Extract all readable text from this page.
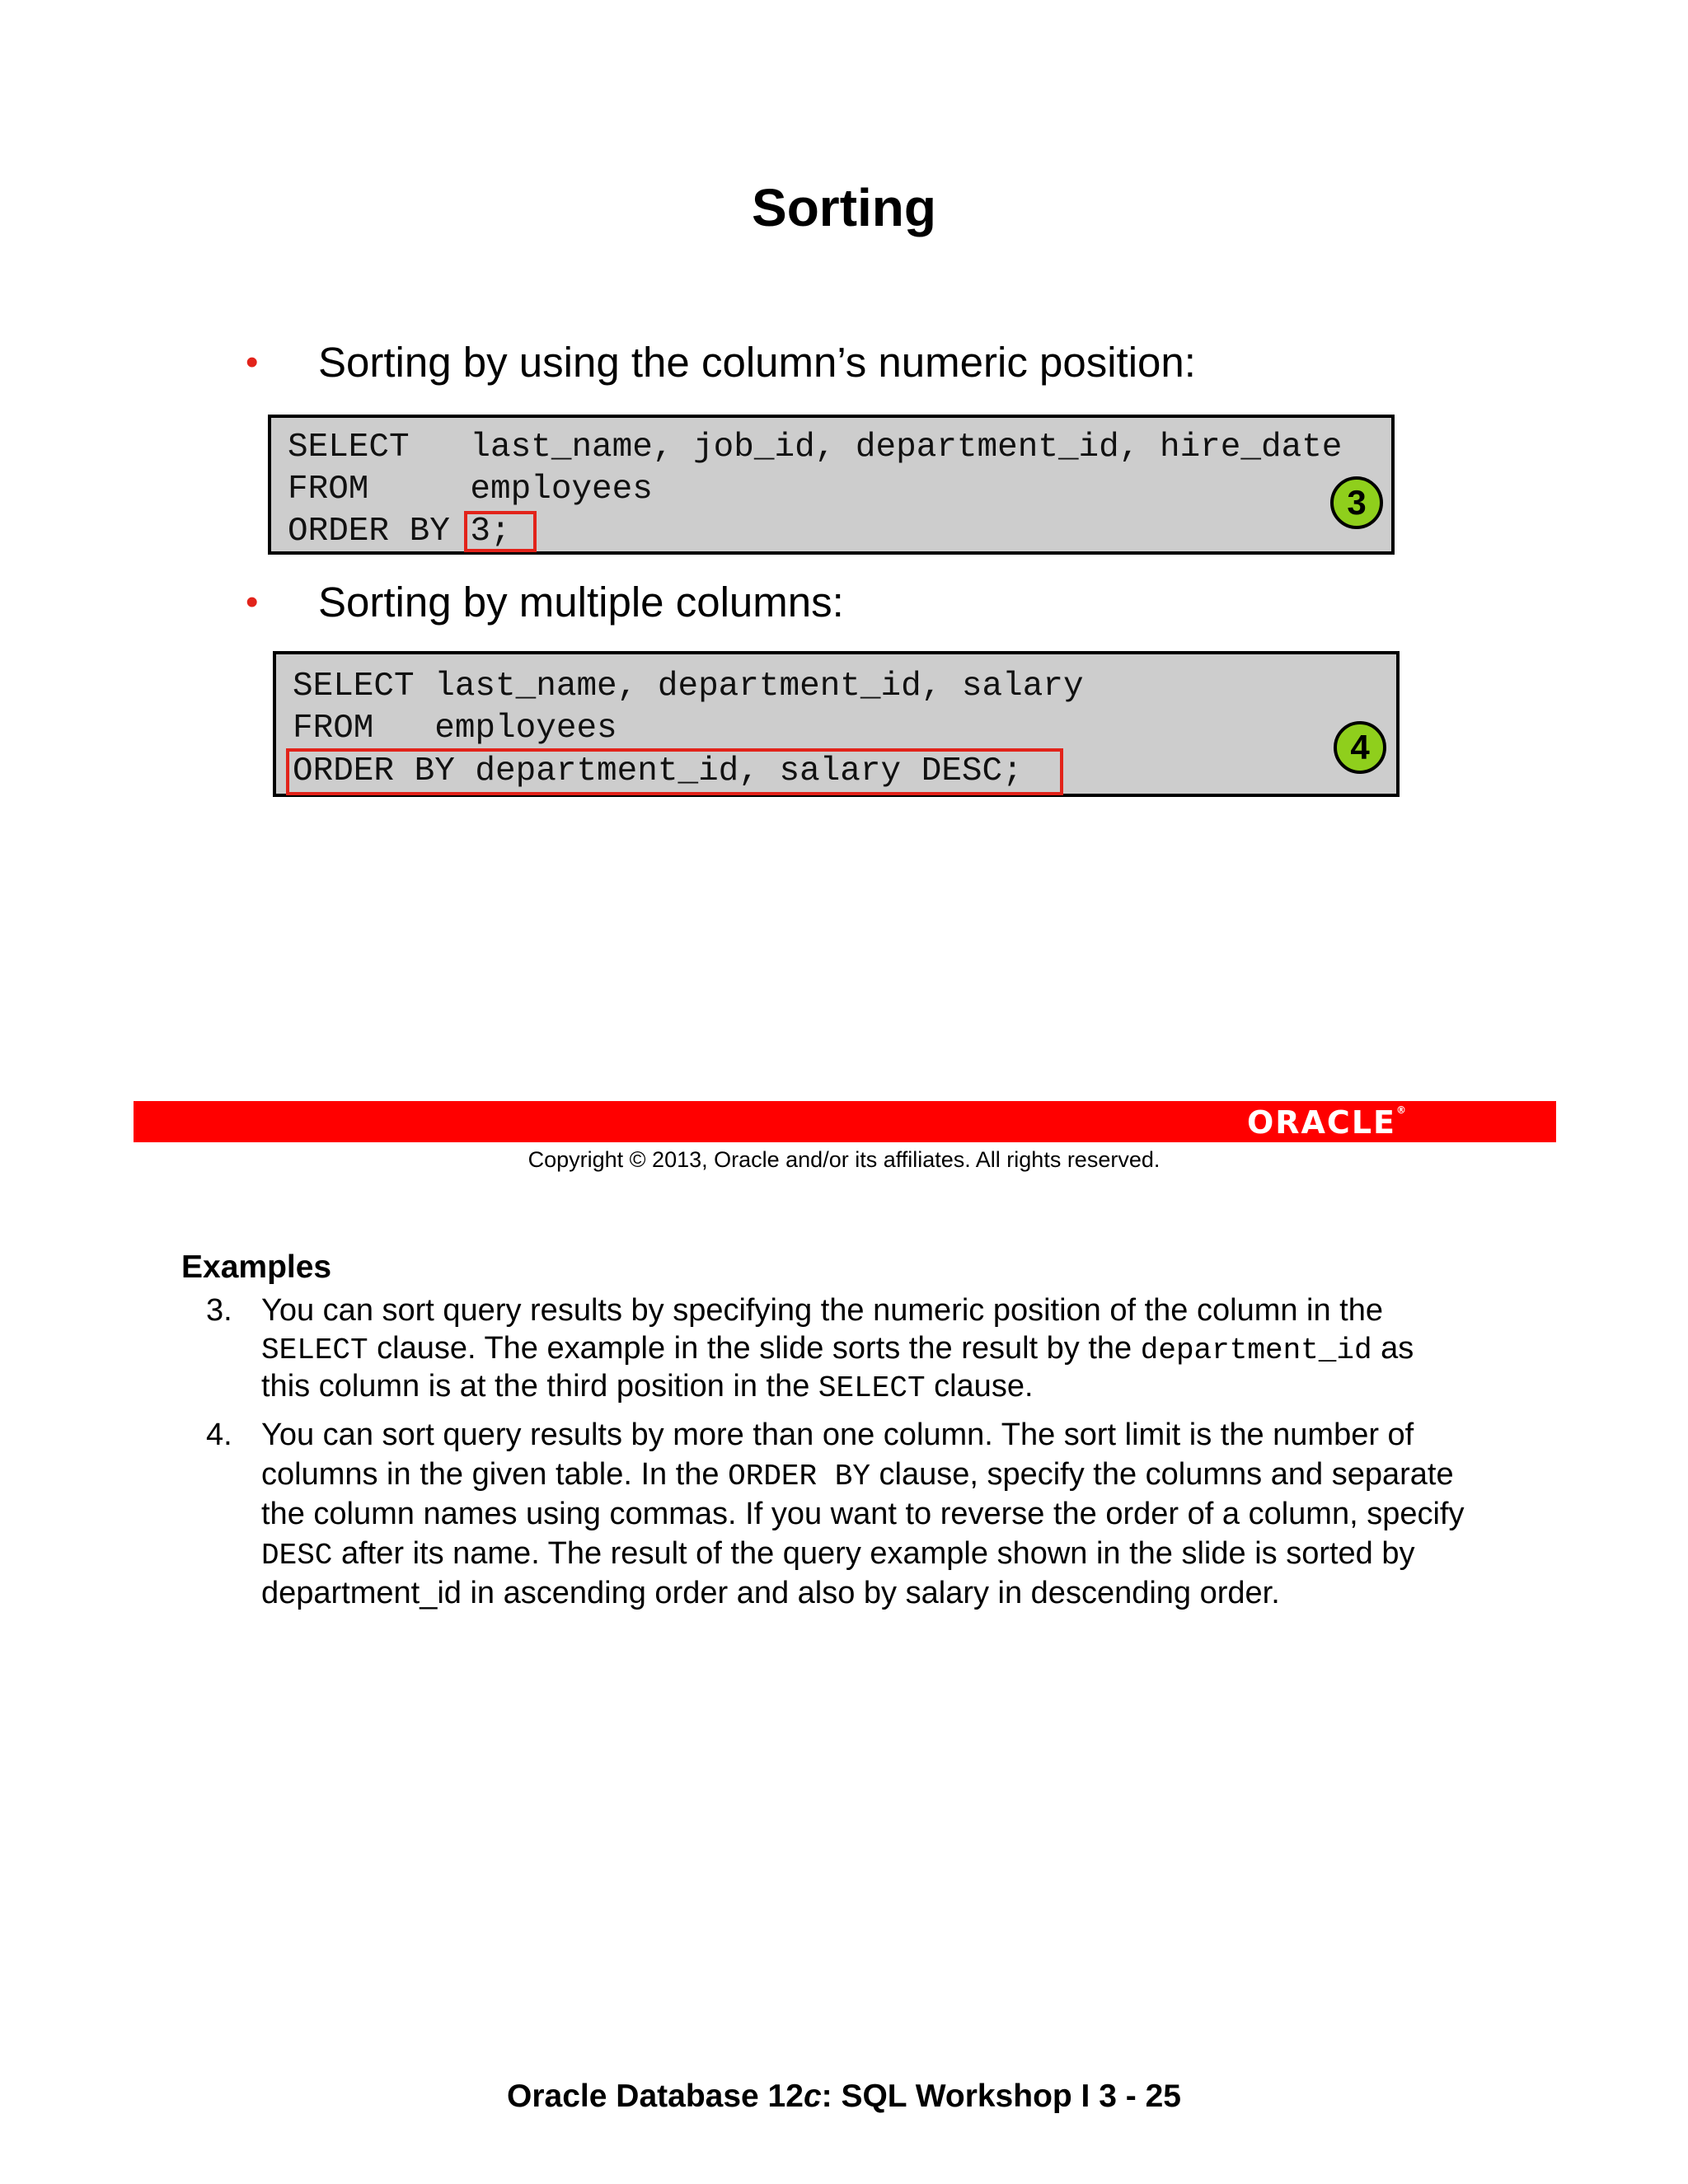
Sorting
• Sorting by using the column’s numeric position:
SELECT   last_name, job_id, department_id, hire_date
FROM     employees
ORDER BY 3;
3
• Sorting by multiple columns:
SELECT last_name, department_id, salary
FROM   employees
ORDER BY department_id, salary DESC;
4
ORACLE®
Copyright © 2013, Oracle and/or its affiliates. All rights reserved.
Examples
3. You can sort query results by specifying the numeric position of the column in the
SELECT clause. The example in the slide sorts the result by the department_id as
this column is at the third position in the SELECT clause.
4. You can sort query results by more than one column. The sort limit is the number of
columns in the given table. In the ORDER BY clause, specify the columns and separate
the column names using commas. If you want to reverse the order of a column, specify
DESC after its name. The result of the query example shown in the slide is sorted by
department_id in ascending order and also by salary in descending order.
Oracle Database 12c: SQL Workshop I 3 - 25
